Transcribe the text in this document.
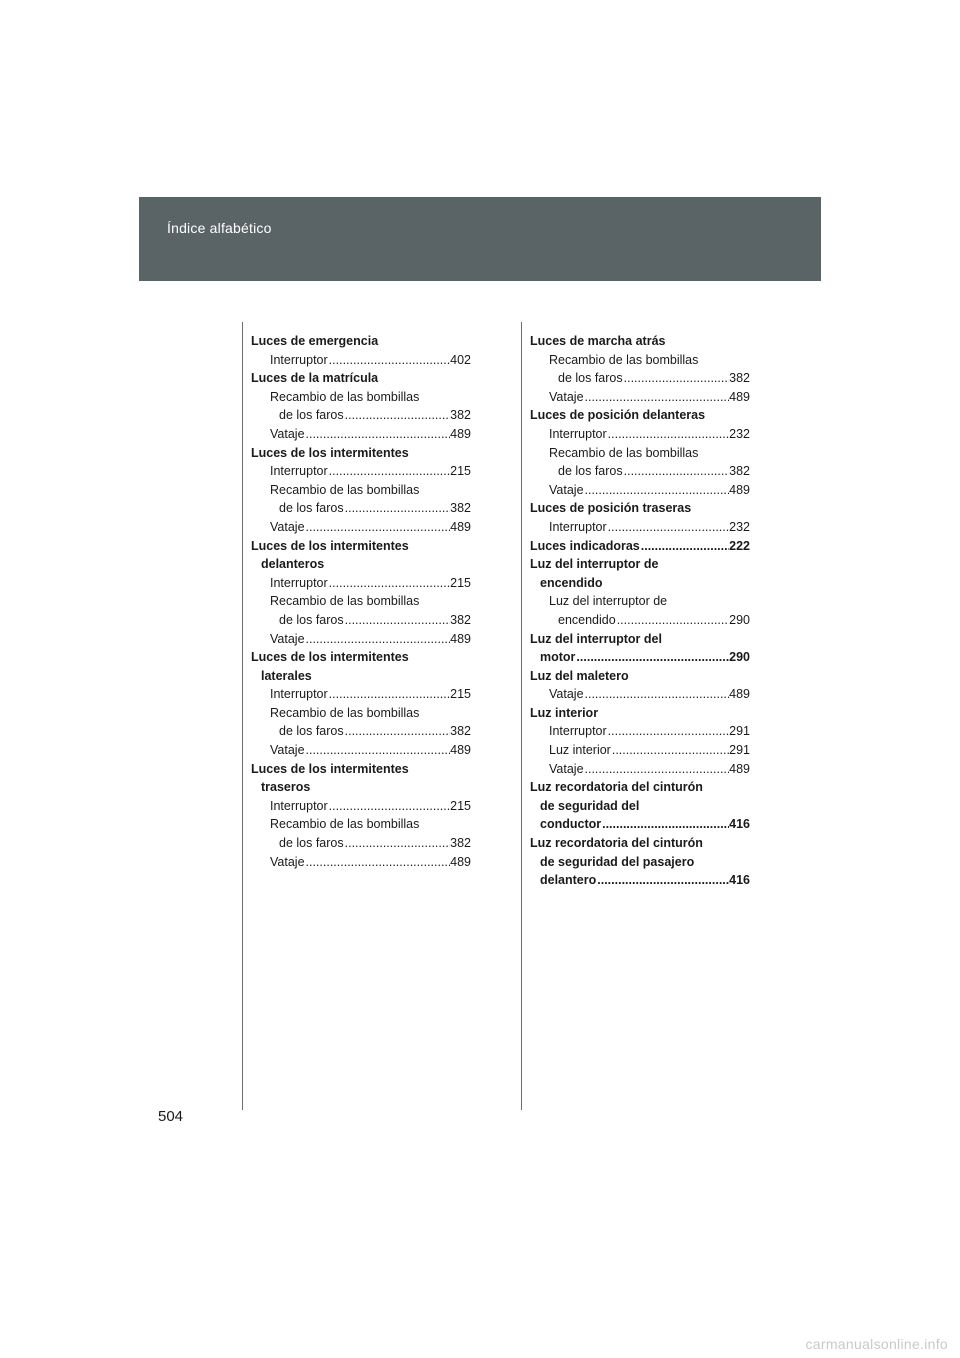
Índice alfabético
Luces de emergencia
Interruptor .....	402
Luces de la matrícula
Recambio de las bombillas
de los faros .....	382
Vataje .....	489
Luces de los intermitentes
Interruptor .....	215
Recambio de las bombillas
de los faros .....	382
Vataje .....	489
Luces de los intermitentes
delanteros
Interruptor .....	215
Recambio de las bombillas
de los faros .....	382
Vataje .....	489
Luces de los intermitentes
laterales
Interruptor .....	215
Recambio de las bombillas
de los faros .....	382
Vataje .....	489
Luces de los intermitentes
traseros
Interruptor .....	215
Recambio de las bombillas
de los faros .....	382
Vataje .....	489
Luces de marcha atrás
Recambio de las bombillas
de los faros .....	382
Vataje .....	489
Luces de posición delanteras
Interruptor .....	232
Recambio de las bombillas
de los faros .....	382
Vataje .....	489
Luces de posición traseras
Interruptor .....	232
Luces indicadoras .....	222
Luz del interruptor de
encendido
Luz del interruptor de
encendido .....	290
Luz del interruptor del
motor .....	290
Luz del maletero
Vataje .....	489
Luz interior
Interruptor .....	291
Luz interior .....	291
Vataje .....	489
Luz recordatoria del cinturón
de seguridad del
conductor .....	416
Luz recordatoria del cinturón
de seguridad del pasajero
delantero .....	416
504
carmanualsonline.info
